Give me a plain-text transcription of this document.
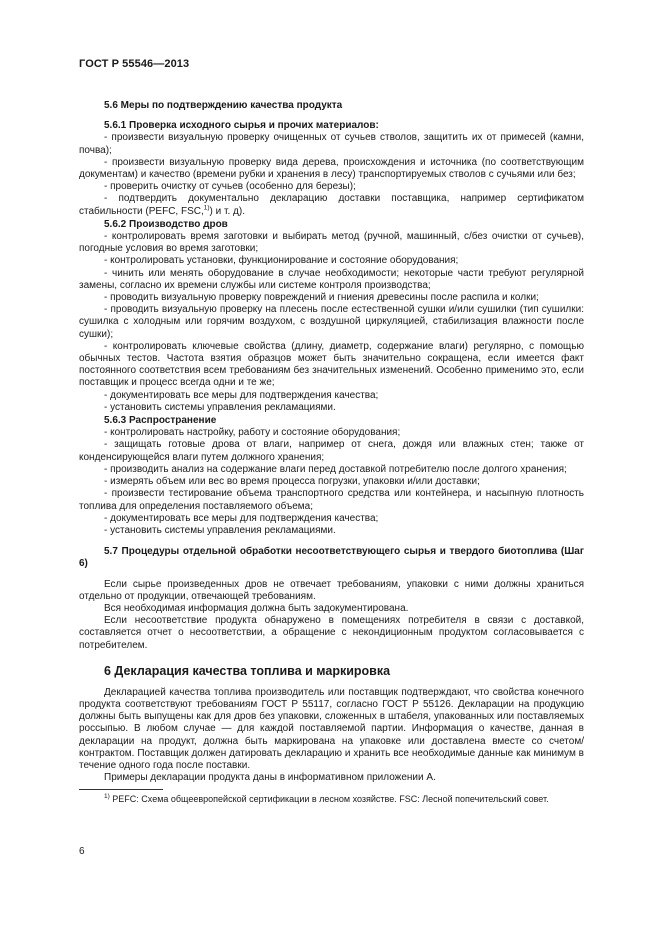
ГОСТ Р 55546—2013

5.6 Меры по подтверждению качества продукта

5.6.1 Проверка исходного сырья и прочих материалов:

- произвести визуальную проверку очищенных от сучьев стволов, защитить их от примесей (камни, почва);

- произвести визуальную проверку вида дерева, происхождения и источника (по соответствующим документам) и качество (времени рубки и хранения в лесу) транспортируемых стволов с сучьями или без;

- проверить очистку от сучьев (особенно для березы);

- подтвердить документально декларацию доставки поставщика, например сертификатом стабильности (PEFC, FSC,$^{1)}$) и т. д).

5.6.2 Производство дров

- контролировать время заготовки и выбирать метод (ручной, машинный, с/без очистки от сучьев), погодные условия во время заготовки;

- контролировать установки, функционирование и состояние оборудования;

- чинить или менять оборудование в случае необходимости; некоторые части требуют регулярной замены, согласно их времени службы или системе контроля производства;

- проводить визуальную проверку повреждений и гниения древесины после распила и колки;

- проводить визуальную проверку на плесень после естественной сушки и/или сушилки (тип сушилки: сушилка с холодным или горячим воздухом, с воздушной циркуляцией, стабилизация влажности после сушки);

- контролировать ключевые свойства (длину, диаметр, содержание влаги) регулярно, с помощью обычных тестов. Частота взятия образцов может быть значительно сокращена, если имеется факт постоянного соответствия всем требованиям без значительных изменений. Особенно применимо это, если поставщик и процесс всегда одни и те же;

- документировать все меры для подтверждения качества;

- установить системы управления рекламациями.

5.6.3 Распространение

- контролировать настройку, работу и состояние оборудования;

- защищать готовые дрова от влаги, например от снега, дождя или влажных стен; также от конденсирующейся влаги путем должного хранения;

- производить анализ на содержание влаги перед доставкой потребителю после долгого хранения;

- измерять объем или вес во время процесса погрузки, упаковки и/или доставки;

- произвести тестирование объема транспортного средства или контейнера, и насыпную плотность топлива для определения поставляемого объема;

- документировать все меры для подтверждения качества;

- установить системы управления рекламациями.

5.7 Процедуры отдельной обработки несоответствующего сырья и твердого биотоплива (Шаг 6)

Если сырье произведенных дров не отвечает требованиям, упаковки с ними должны храниться отдельно от продукции, отвечающей требованиям.

Вся необходимая информация должна быть задокументирована.

Если несоответствие продукта обнаружено в помещениях потребителя в связи с доставкой, составляется отчет о несоответствии, а обращение с некондиционным продуктом согласовывается с потребителем.

6 Декларация качества топлива и маркировка

Декларацией качества топлива производитель или поставщик подтверждают, что свойства конечного продукта соответствуют требованиям ГОСТ Р 55117, согласно ГОСТ Р 55126. Декларации на продукцию должны быть выпущены как для дров без упаковки, сложенных в штабеля, упакованных или поставляемых россыпью. В любом случае — для каждой поставляемой партии. Информация о качестве, данная в декларации на продукт, должна быть маркирована на упаковке или доставлена вместе со счетом/контрактом. Поставщик должен датировать декларацию и хранить все необходимые данные как минимум в течение одного года после поставки.

Примеры декларации продукта даны в информативном приложении А.

$^{1)}$ PEFC: Схема общеевропейской сертификации в лесном хозяйстве. FSC: Лесной попечительский совет.

6
